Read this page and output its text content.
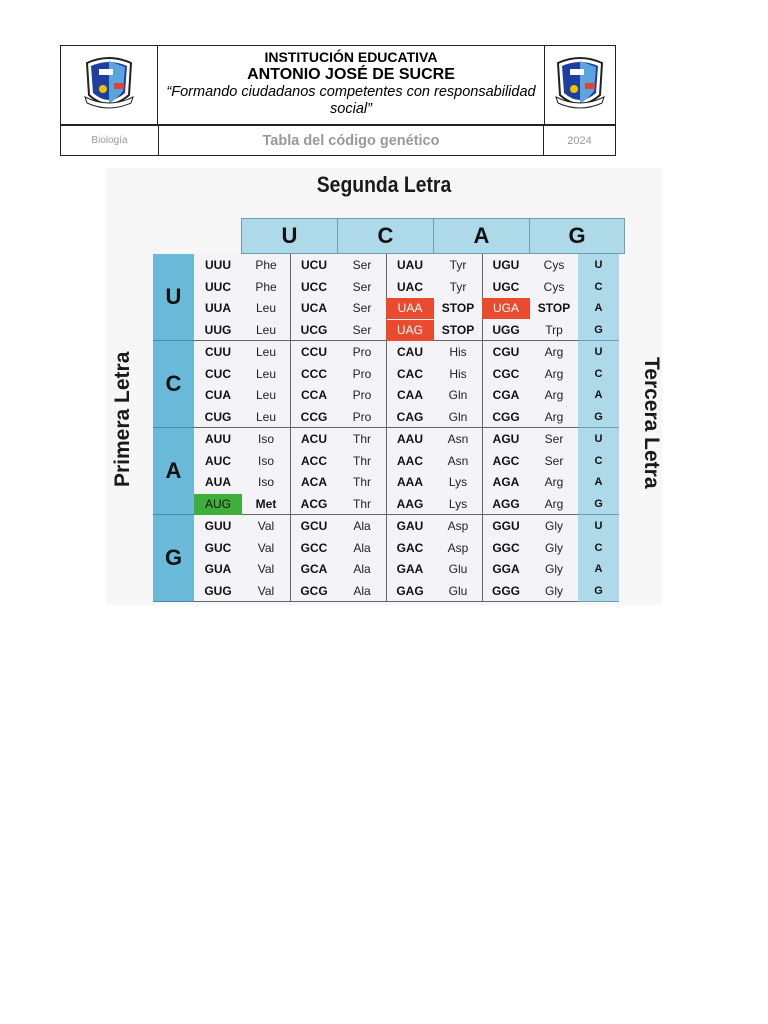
INSTITUCIÓN EDUCATIVA
ANTONIO JOSÉ DE SUCRE
“Formando ciudadanos competentes con responsabilidad social”
Biología	Tabla del código genético	2024
Segunda Letra
Primera Letra	Tercera Letra
U	C	A	G
U
UUU	Phe	UCU	Ser	UAU	Tyr	UGU	Cys	U
UUC	Phe	UCC	Ser	UAC	Tyr	UGC	Cys	C
UUA	Leu	UCA	Ser	UAA	STOP	UGA	STOP	A
UUG	Leu	UCG	Ser	UAG	STOP	UGG	Trp	G
C
CUU	Leu	CCU	Pro	CAU	His	CGU	Arg	U
CUC	Leu	CCC	Pro	CAC	His	CGC	Arg	C
CUA	Leu	CCA	Pro	CAA	Gln	CGA	Arg	A
CUG	Leu	CCG	Pro	CAG	Gln	CGG	Arg	G
A
AUU	Iso	ACU	Thr	AAU	Asn	AGU	Ser	U
AUC	Iso	ACC	Thr	AAC	Asn	AGC	Ser	C
AUA	Iso	ACA	Thr	AAA	Lys	AGA	Arg	A
AUG	Met	ACG	Thr	AAG	Lys	AGG	Arg	G
G
GUU	Val	GCU	Ala	GAU	Asp	GGU	Gly	U
GUC	Val	GCC	Ala	GAC	Asp	GGC	Gly	C
GUA	Val	GCA	Ala	GAA	Glu	GGA	Gly	A
GUG	Val	GCG	Ala	GAG	Glu	GGG	Gly	G
